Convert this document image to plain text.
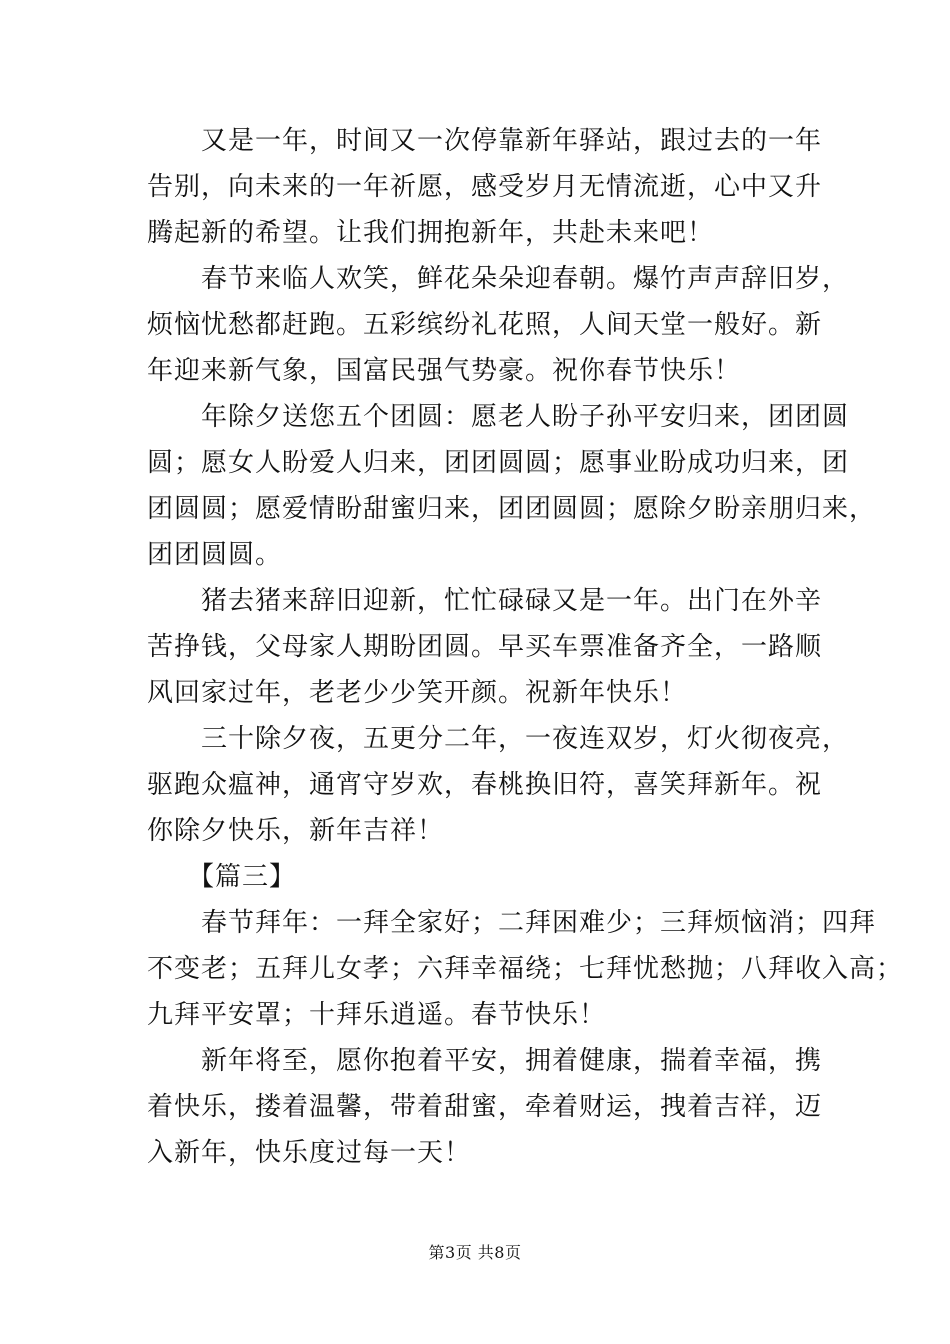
　　又是一年，时间又一次停靠新年驿站，跟过去的一年
告别，向未来的一年祈愿，感受岁月无情流逝，心中又升
腾起新的希望。让我们拥抱新年，共赴未来吧！
　　春节来临人欢笑，鲜花朵朵迎春朝。爆竹声声辞旧岁，
烦恼忧愁都赶跑。五彩缤纷礼花照，人间天堂一般好。新
年迎来新气象，国富民强气势豪。祝你春节快乐！
　　年除夕送您五个团圆：愿老人盼子孙平安归来，团团圆
圆；愿女人盼爱人归来，团团圆圆；愿事业盼成功归来，团
团圆圆；愿爱情盼甜蜜归来，团团圆圆；愿除夕盼亲朋归来，
团团圆圆。
　　猪去猪来辞旧迎新，忙忙碌碌又是一年。出门在外辛
苦挣钱，父母家人期盼团圆。早买车票准备齐全，一路顺
风回家过年，老老少少笑开颜。祝新年快乐！
　　三十除夕夜，五更分二年，一夜连双岁，灯火彻夜亮，
驱跑众瘟神，通宵守岁欢，春桃换旧符，喜笑拜新年。祝
你除夕快乐，新年吉祥！
　　【篇三】
　　春节拜年：一拜全家好；二拜困难少；三拜烦恼消；四拜
不变老；五拜儿女孝；六拜幸福绕；七拜忧愁抛；八拜收入高；
九拜平安罩；十拜乐逍遥。春节快乐！
　　新年将至，愿你抱着平安，拥着健康，揣着幸福，携
着快乐，搂着温馨，带着甜蜜，牵着财运，拽着吉祥，迈
入新年，快乐度过每一天！
第3页 共8页
